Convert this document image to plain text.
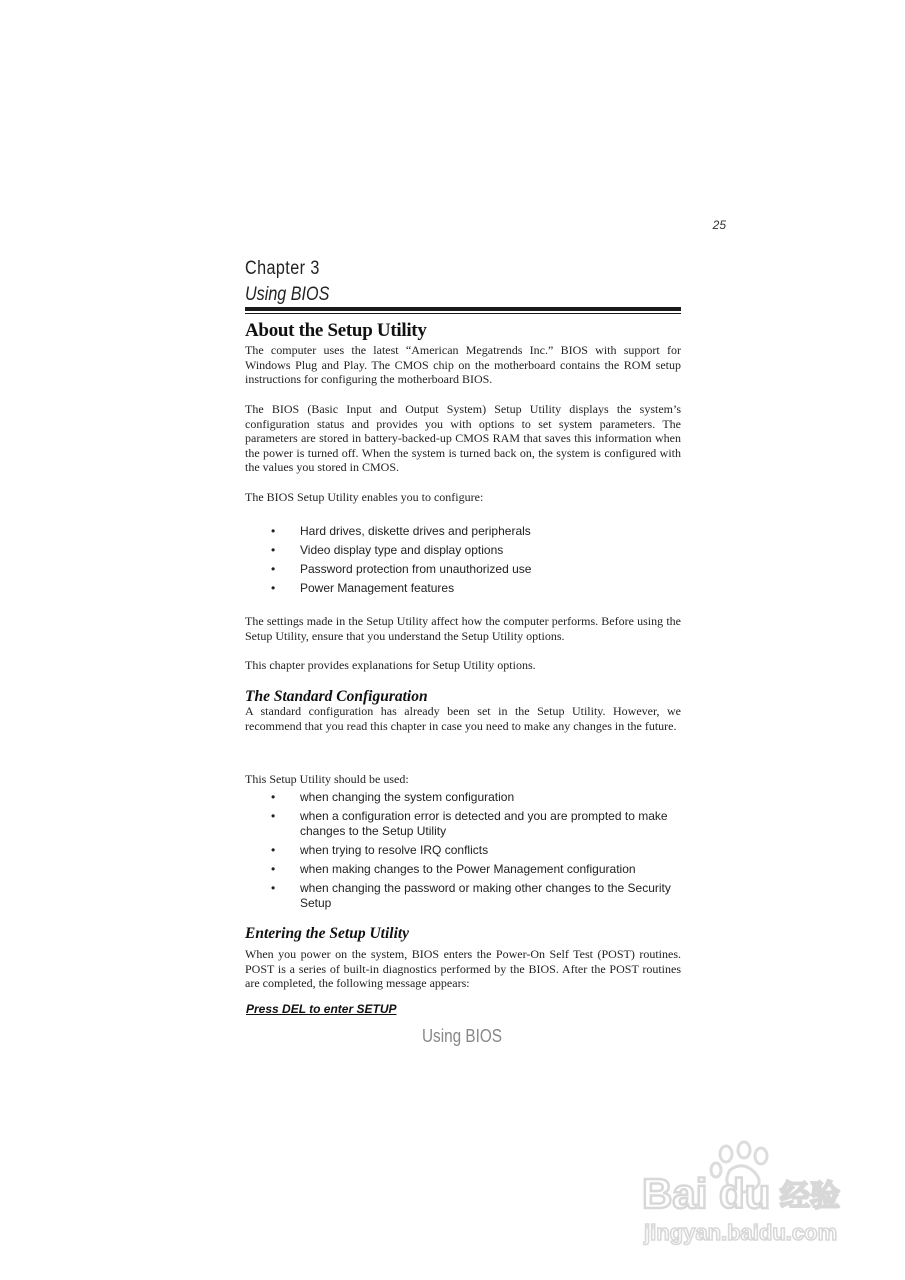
25
Chapter 3
Using BIOS
About the Setup Utility

The computer uses the latest “American Megatrends Inc.” BIOS with support for Windows Plug and Play. The CMOS chip on the motherboard contains the ROM setup instructions for configuring the motherboard BIOS.

The BIOS (Basic Input and Output System) Setup Utility displays the system’s configuration status and provides you with options to set system parameters. The parameters are stored in battery-backed-up CMOS RAM that saves this information when the power is turned off. When the system is turned back on, the system is configured with the values you stored in CMOS.

The BIOS Setup Utility enables you to configure:

• Hard drives, diskette drives and peripherals
• Video display type and display options
• Password protection from unauthorized use
• Power Management features

The settings made in the Setup Utility affect how the computer performs. Before using the Setup Utility, ensure that you understand the Setup Utility options.

This chapter provides explanations for Setup Utility options.

The Standard Configuration

A standard configuration has already been set in the Setup Utility. However, we recommend that you read this chapter in case you need to make any changes in the future.

This Setup Utility should be used:

• when changing the system configuration
• when a configuration error is detected and you are prompted to make changes to the Setup Utility
• when trying to resolve IRQ conflicts
• when making changes to the Power Management configuration
• when changing the password or making other changes to the Security Setup
Entering the Setup Utility

When you power on the system, BIOS enters the Power-On Self Test (POST) routines. POST is a series of built-in diagnostics performed by the BIOS. After the POST routines are completed, the following message appears:

Press DEL to enter SETUP
Using BIOS
Bai du 经验
jingyan.baidu.com
